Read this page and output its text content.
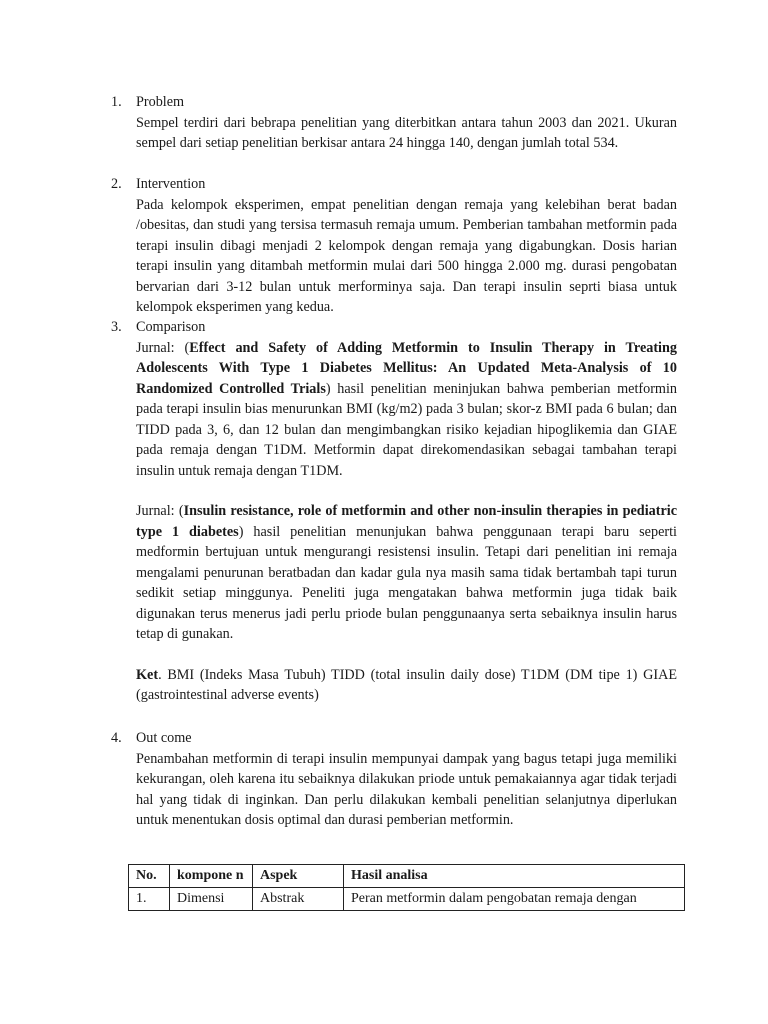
1.	Problem

Sempel terdiri dari bebrapa penelitian yang diterbitkan antara tahun 2003 dan 2021. Ukuran sempel dari setiap penelitian berkisar antara 24 hingga 140, dengan jumlah total 534.

2.	Intervention

Pada kelompok eksperimen, empat penelitian dengan remaja yang kelebihan berat badan /obesitas, dan studi yang tersisa termasuh remaja umum. Pemberian tambahan metformin pada terapi insulin dibagi menjadi 2 kelompok dengan remaja yang digabungkan. Dosis harian terapi insulin yang ditambah metformin mulai dari 500 hingga 2.000 mg. durasi pengobatan bervarian dari 3-12 bulan untuk merforminya saja. Dan terapi insulin seprti biasa untuk kelompok eksperimen yang kedua.

3.	Comparison

Jurnal: (Effect and Safety of Adding Metformin to Insulin Therapy in Treating Adolescents With Type 1 Diabetes Mellitus: An Updated Meta-Analysis of 10 Randomized Controlled Trials) hasil penelitian meninjukan bahwa pemberian metformin pada terapi insulin bias menurunkan BMI (kg/m2) pada 3 bulan; skor-z BMI pada 6 bulan; dan TIDD pada 3, 6, dan 12 bulan dan mengimbangkan risiko kejadian hipoglikemia dan GIAE pada remaja dengan T1DM. Metformin dapat direkomendasikan sebagai tambahan terapi insulin untuk remaja dengan T1DM.

Jurnal: (Insulin resistance, role of metformin and other non-insulin therapies in pediatric type 1 diabetes) hasil penelitian menunjukan bahwa penggunaan terapi baru seperti medformin bertujuan untuk mengurangi resistensi insulin. Tetapi dari penelitian ini remaja mengalami penurunan beratbadan dan kadar gula nya masih sama tidak bertambah tapi turun sedikit setiap minggunya. Peneliti juga mengatakan bahwa metformin juga tidak baik digunakan terus menerus jadi perlu priode bulan penggunaanya serta sebaiknya insulin harus tetap di gunakan.

Ket. BMI (Indeks Masa Tubuh) TIDD (total insulin daily dose) T1DM (DM tipe 1) GIAE (gastrointestinal adverse events)

4.	Out come

Penambahan metformin di terapi insulin mempunyai dampak yang bagus tetapi juga memiliki kekurangan, oleh karena itu sebaiknya dilakukan priode untuk pemakaiannya agar tidak terjadi hal yang tidak di inginkan. Dan perlu dilakukan kembali penelitian selanjutnya diperlukan untuk menentukan dosis optimal dan durasi pemberian metformin.

No.	kompone n	Aspek	Hasil analisa
1.	Dimensi	Abstrak	Peran metformin dalam pengobatan remaja dengan
